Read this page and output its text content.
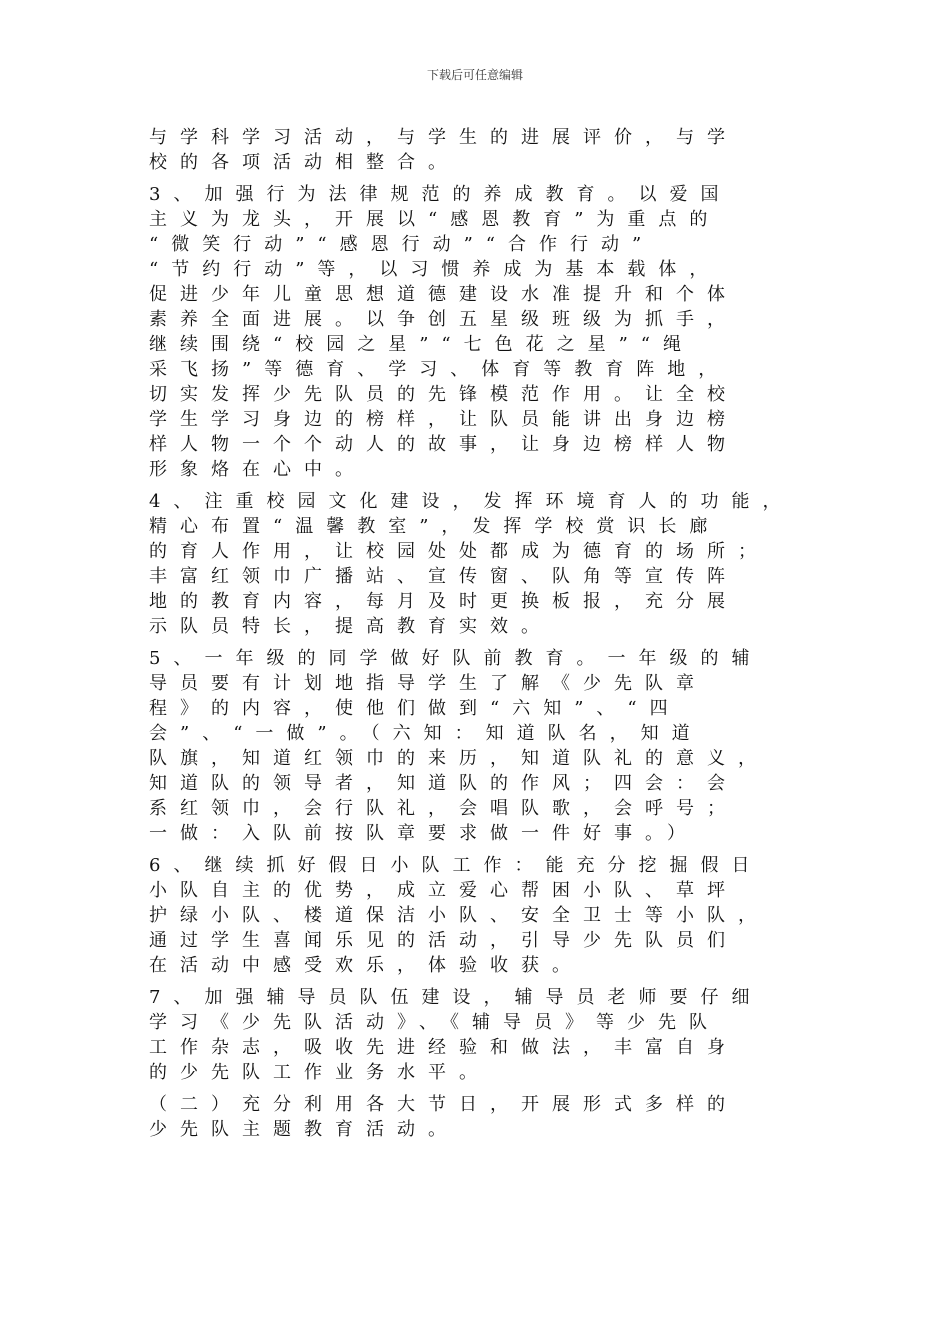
下载后可任意编辑
与学科学习活动，与学生的进展评价，与学
校的各项活动相整合。
3、加强行为法律规范的养成教育。以爱国
主义为龙头，开展以“感恩教育”为重点的
“微笑行动”“感恩行动”“合作行动”
“节约行动”等，以习惯养成为基本载体，
促进少年儿童思想道德建设水准提升和个体
素养全面进展。以争创五星级班级为抓手，
继续围绕“校园之星”“七色花之星”“绳
采飞扬”等德育、学习、体育等教育阵地，
切实发挥少先队员的先锋模范作用。让全校
学生学习身边的榜样，让队员能讲出身边榜
样人物一个个动人的故事，让身边榜样人物
形象烙在心中。
4、注重校园文化建设，发挥环境育人的功能，
精心布置“温馨教室”，发挥学校赏识长廊
的育人作用，让校园处处都成为德育的场所；
丰富红领巾广播站、宣传窗、队角等宣传阵
地的教育内容，每月及时更换板报，充分展
示队员特长，提高教育实效。
5、一年级的同学做好队前教育。一年级的辅
导员要有计划地指导学生了解《少先队章
程》的内容，使他们做到“六知”、“四
会”、“一做”。（六知：知道队名，知道
队旗，知道红领巾的来历，知道队礼的意义，
知道队的领导者，知道队的作风；四会：会
系红领巾，会行队礼，会唱队歌，会呼号；
一做：入队前按队章要求做一件好事。）
6、继续抓好假日小队工作：能充分挖掘假日
小队自主的优势，成立爱心帮困小队、草坪
护绿小队、楼道保洁小队、安全卫士等小队，
通过学生喜闻乐见的活动，引导少先队员们
在活动中感受欢乐，体验收获。
7、加强辅导员队伍建设，辅导员老师要仔细
学习《少先队活动》、《辅导员》等少先队
工作杂志，吸收先进经验和做法，丰富自身
的少先队工作业务水平。
（二）充分利用各大节日，开展形式多样的
少先队主题教育活动。
